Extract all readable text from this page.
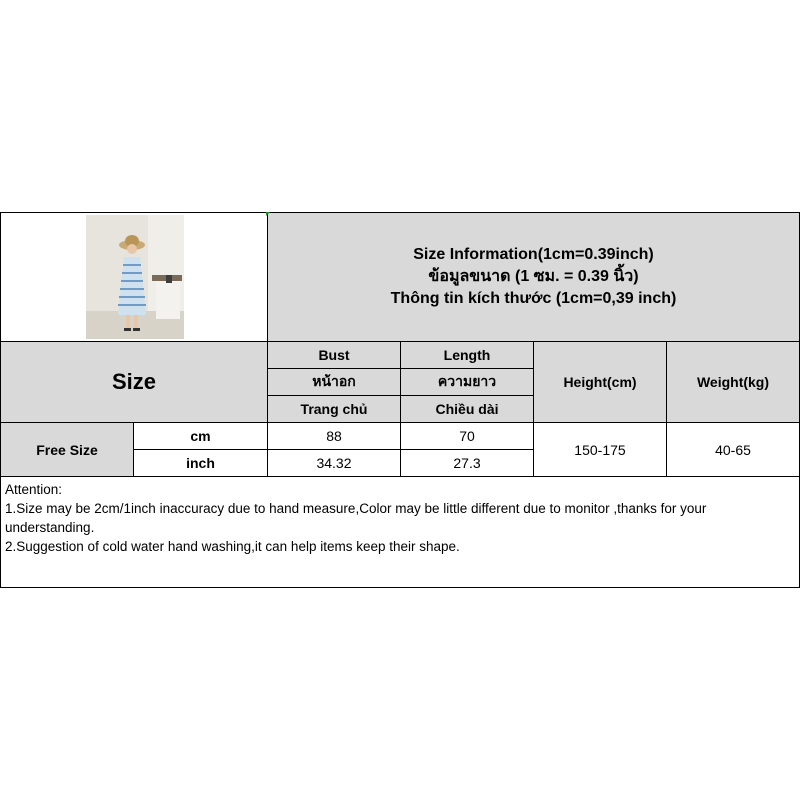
Size Information(1cm=0.39inch)
ข้อมูลขนาด (1 ซม. = 0.39 นิ้ว)
Thông tin kích thước (1cm=0,39 inch)
Size
Bust
หน้าอก
Trang chủ
Length
ความยาว
Chiều dài
Height(cm)	Weight(kg)
Free Size
cm
inch
88
34.32
70
27.3
150-175	40-65
Attention:
1.Size may be 2cm/1inch inaccuracy due to hand measure,Color may be little different due to monitor ,thanks for your understanding.
2.Suggestion of cold water hand washing,it can help items keep their shape.
